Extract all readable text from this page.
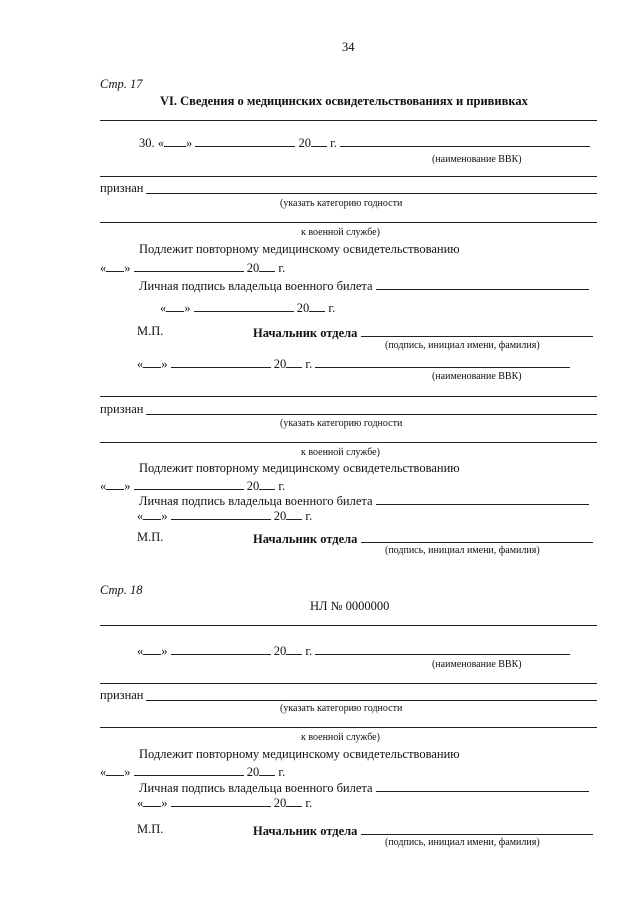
34
Стр. 17
VI. Сведения о медицинских освидетельствованиях и прививках
30. « »	20 г.
(наименование ВВК)
признан
(указать категорию годности
к военной службе)
Подлежит повторному медицинскому освидетельствованию
« »	20 г.
Личная подпись владельца военного билета
« »	20 г.
М.П.	Начальник отдела
(подпись, инициал имени, фамилия)
« »	20 г.
(наименование ВВК)
признан
(указать категорию годности
к военной службе)
Подлежит повторному медицинскому освидетельствованию
« »	20 г.
Личная подпись владельца военного билета
« »	20 г.
М.П.	Начальник отдела
(подпись, инициал имени, фамилия)
Стр. 18
НЛ № 0000000
« »	20 г.
(наименование ВВК)
признан
(указать категорию годности
к военной службе)
Подлежит повторному медицинскому освидетельствованию
« »	20 г.
Личная подпись владельца военного билета
« »	20 г.
М.П.	Начальник отдела
(подпись, инициал имени, фамилия)
